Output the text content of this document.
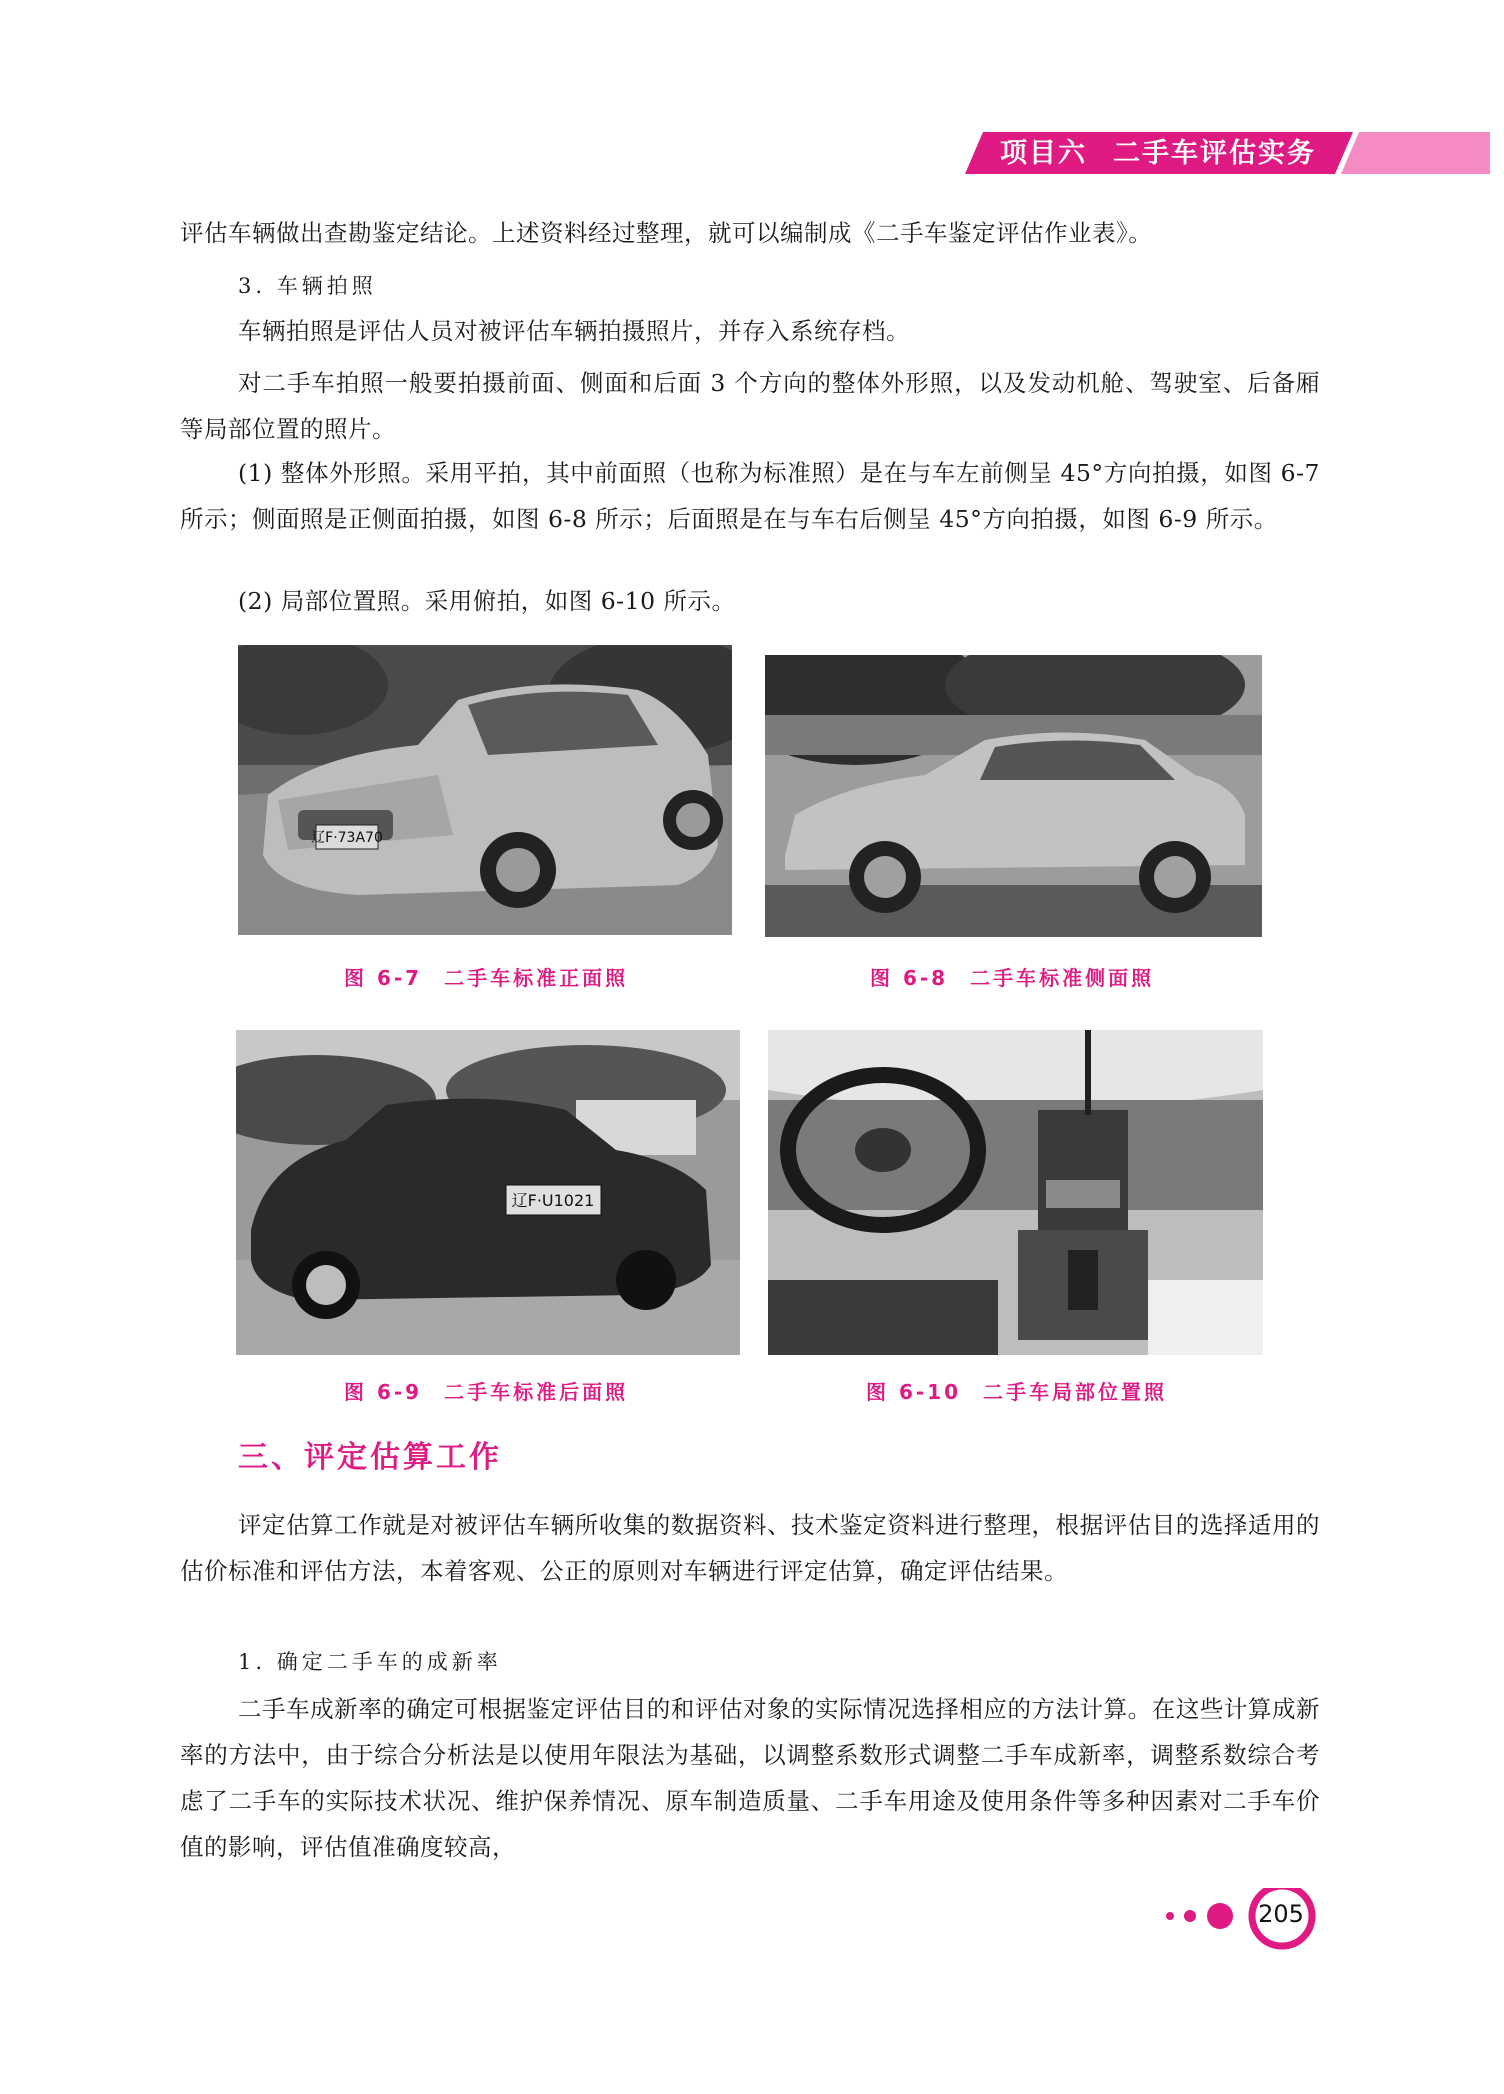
项目六 二手车评估实务
评估车辆做出查勘鉴定结论。上述资料经过整理，就可以编制成《二手车鉴定评估作业表》。
3. 车辆拍照
车辆拍照是评估人员对被评估车辆拍摄照片，并存入系统存档。
对二手车拍照一般要拍摄前面、侧面和后面 3 个方向的整体外形照，以及发动机舱、驾驶室、后备厢等局部位置的照片。
(1) 整体外形照。采用平拍，其中前面照（也称为标准照）是在与车左前侧呈 45°方向拍摄，如图 6-7 所示；侧面照是正侧面拍摄，如图 6-8 所示；后面照是在与车右后侧呈 45°方向拍摄，如图 6-9 所示。
(2) 局部位置照。采用俯拍，如图 6-10 所示。
辽F·73A70
图 6-7 二手车标准正面照	图 6-8 二手车标准侧面照
辽F·U1021
图 6-9 二手车标准后面照	图 6-10 二手车局部位置照
三、评定估算工作
评定估算工作就是对被评估车辆所收集的数据资料、技术鉴定资料进行整理，根据评估目的选择适用的估价标准和评估方法，本着客观、公正的原则对车辆进行评定估算，确定评估结果。
1. 确定二手车的成新率
二手车成新率的确定可根据鉴定评估目的和评估对象的实际情况选择相应的方法计算。在这些计算成新率的方法中，由于综合分析法是以使用年限法为基础，以调整系数形式调整二手车成新率，调整系数综合考虑了二手车的实际技术状况、维护保养情况、原车制造质量、二手车用途及使用条件等多种因素对二手车价值的影响，评估值准确度较高，
205
